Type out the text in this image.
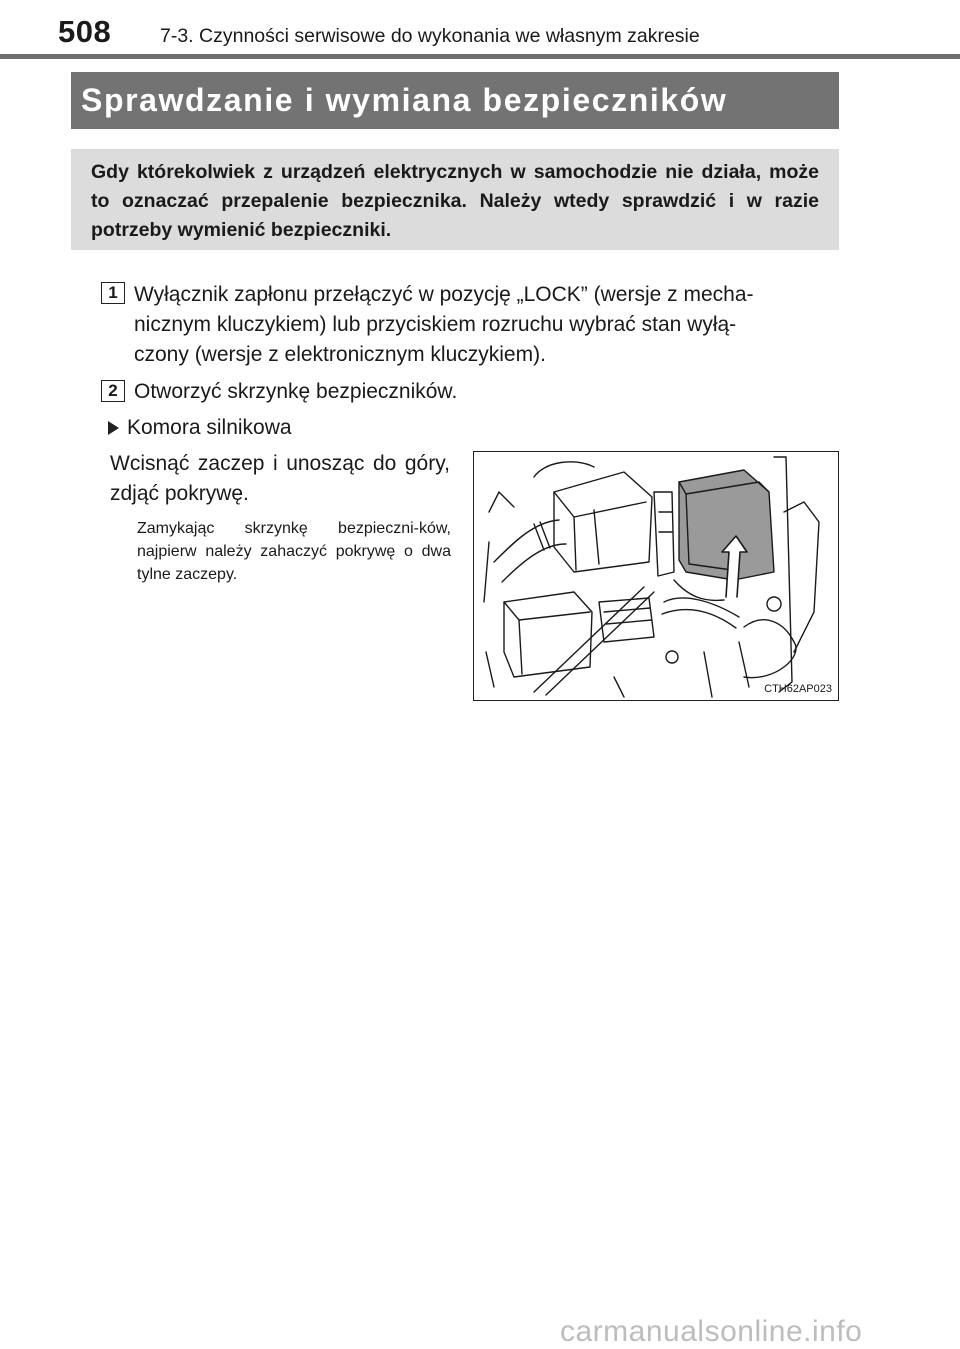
508	7-3. Czynności serwisowe do wykonania we własnym zakresie
Sprawdzanie i wymiana bezpieczników
Gdy którekolwiek z urządzeń elektrycznych w samochodzie nie działa, może to oznaczać przepalenie bezpiecznika. Należy wtedy sprawdzić i w razie potrzeby wymienić bezpieczniki.
1 Wyłącznik zapłonu przełączyć w pozycję „LOCK” (wersje z mecha-
nicznym kluczykiem) lub przyciskiem rozruchu wybrać stan wyłą-
czony (wersje z elektronicznym kluczykiem).
2 Otworzyć skrzynkę bezpieczników.
Komora silnikowa
Wcisnąć zaczep i unosząc do góry, zdjąć pokrywę.
Zamykając skrzynkę bezpieczni-ków, najpierw należy zahaczyć pokrywę o dwa tylne zaczepy.
CTH62AP023
carmanualsonline.info
